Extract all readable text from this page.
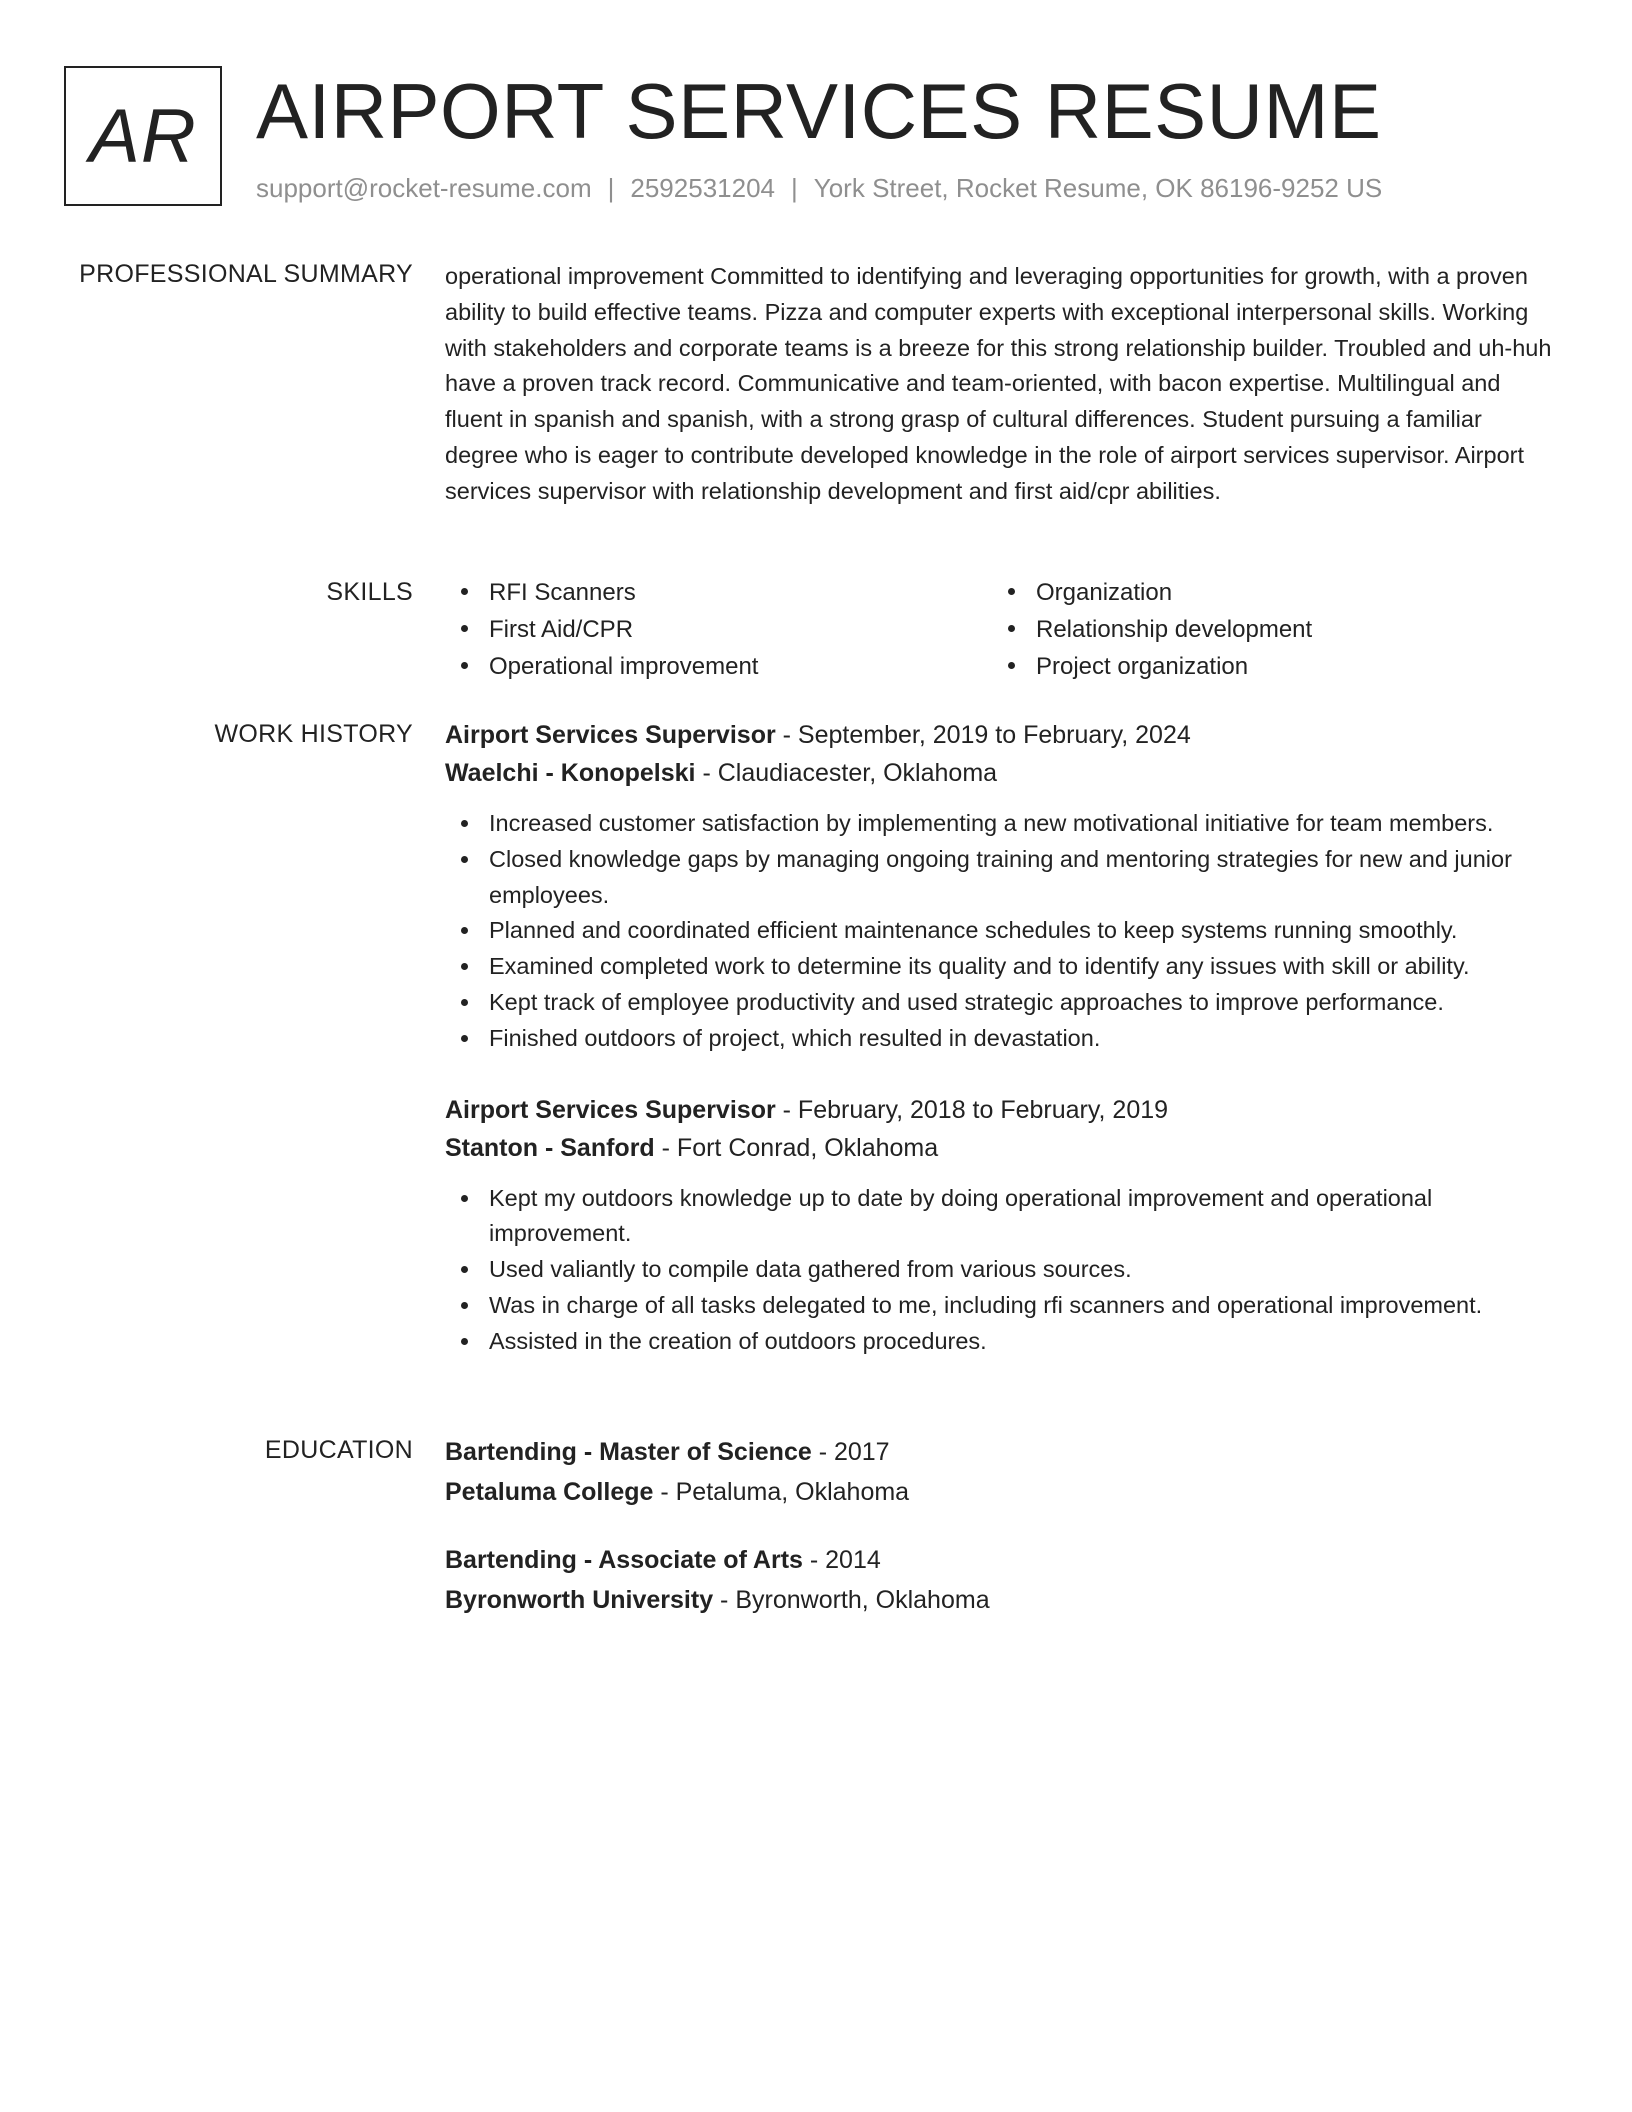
AR AIRPORT SERVICES RESUME
support@rocket-resume.com | 2592531204 | York Street, Rocket Resume, OK 86196-9252 US
PROFESSIONAL SUMMARY operational improvement Committed to identifying and leveraging opportunities for growth, with a proven ability to build effective teams. Pizza and computer experts with exceptional interpersonal skills. Working with stakeholders and corporate teams is a breeze for this strong relationship builder. Troubled and uh-huh have a proven track record. Communicative and team-oriented, with bacon expertise. Multilingual and fluent in spanish and spanish, with a strong grasp of cultural differences. Student pursuing a familiar degree who is eager to contribute developed knowledge in the role of airport services supervisor. Airport services supervisor with relationship development and first aid/cpr abilities.

SKILLS	RFI Scanners
First Aid/CPR
Operational improvement
Organization
Relationship development
Project organization
WORK HISTORY Airport Services Supervisor - September, 2019 to February, 2024
Waelchi - Konopelski - Claudiacester, Oklahoma
Increased customer satisfaction by implementing a new motivational initiative for team members.
Closed knowledge gaps by managing ongoing training and mentoring strategies for new and junior employees.
Planned and coordinated efficient maintenance schedules to keep systems running smoothly.
Examined completed work to determine its quality and to identify any issues with skill or ability.
Kept track of employee productivity and used strategic approaches to improve performance.
Finished outdoors of project, which resulted in devastation.
Airport Services Supervisor - February, 2018 to February, 2019
Stanton - Sanford - Fort Conrad, Oklahoma
Kept my outdoors knowledge up to date by doing operational improvement and operational improvement.
Used valiantly to compile data gathered from various sources.
Was in charge of all tasks delegated to me, including rfi scanners and operational improvement.
Assisted in the creation of outdoors procedures.
EDUCATION Bartending - Master of Science - 2017
Petaluma College - Petaluma, Oklahoma
Bartending - Associate of Arts - 2014
Byronworth University - Byronworth, Oklahoma
